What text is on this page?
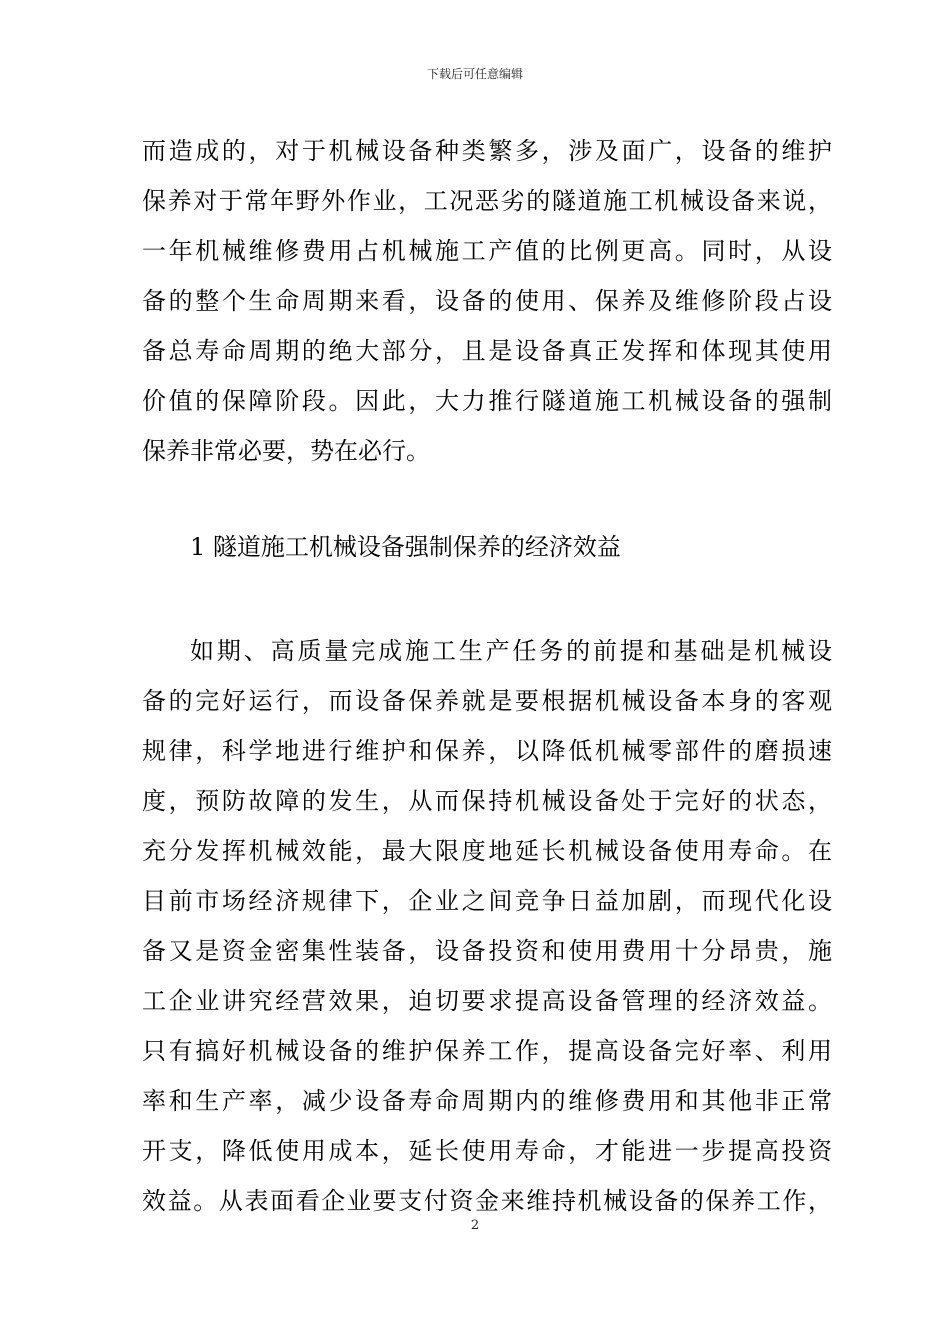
下载后可任意编辑

而造成的，对于机械设备种类繁多，涉及面广，设备的维护
保养对于常年野外作业，工况恶劣的隧道施工机械设备来说，
一年机械维修费用占机械施工产值的比例更高。同时，从设
备的整个生命周期来看，设备的使用、保养及维修阶段占设
备总寿命周期的绝大部分，且是设备真正发挥和体现其使用
价值的保障阶段。因此，大力推行隧道施工机械设备的强制
保养非常必要，势在必行。

1 隧道施工机械设备强制保养的经济效益

如期、高质量完成施工生产任务的前提和基础是机械设
备的完好运行，而设备保养就是要根据机械设备本身的客观
规律，科学地进行维护和保养，以降低机械零部件的磨损速
度，预防故障的发生，从而保持机械设备处于完好的状态，
充分发挥机械效能，最大限度地延长机械设备使用寿命。在
目前市场经济规律下，企业之间竞争日益加剧，而现代化设
备又是资金密集性装备，设备投资和使用费用十分昂贵，施
工企业讲究经营效果，迫切要求提高设备管理的经济效益。
只有搞好机械设备的维护保养工作，提高设备完好率、利用
率和生产率，减少设备寿命周期内的维修费用和其他非正常
开支，降低使用成本，延长使用寿命，才能进一步提高投资
效益。从表面看企业要支付资金来维持机械设备的保养工作，

2
